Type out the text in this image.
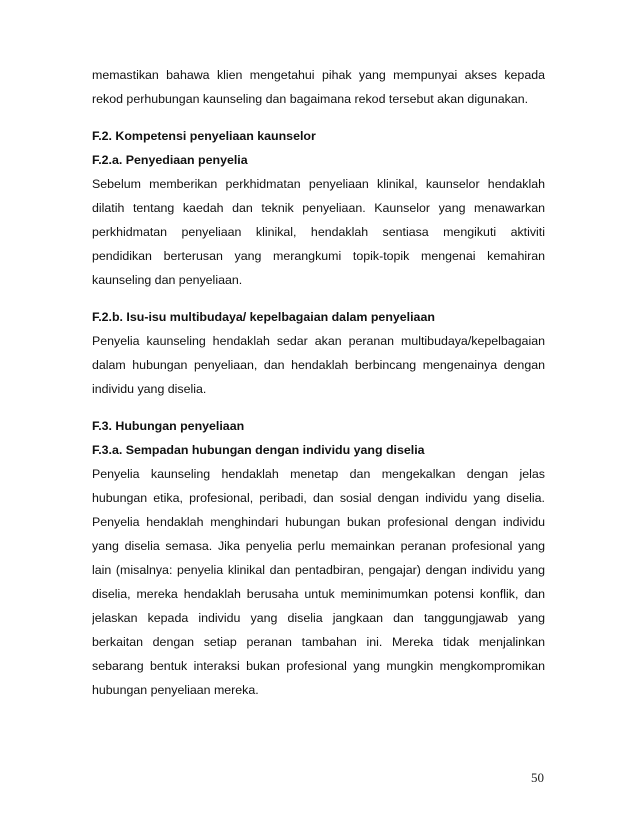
memastikan bahawa klien mengetahui pihak yang mempunyai akses kepada
rekod perhubungan kaunseling dan bagaimana rekod tersebut akan digunakan.
F.2. Kompetensi penyeliaan kaunselor
F.2.a. Penyediaan penyelia
Sebelum memberikan perkhidmatan penyeliaan klinikal, kaunselor hendaklah
dilatih tentang kaedah dan teknik penyeliaan. Kaunselor yang menawarkan
perkhidmatan penyeliaan klinikal, hendaklah sentiasa mengikuti aktiviti
pendidikan berterusan yang merangkumi topik-topik mengenai kemahiran
kaunseling dan penyeliaan.
F.2.b. Isu-isu multibudaya/ kepelbagaian dalam penyeliaan
Penyelia kaunseling hendaklah sedar akan peranan multibudaya/kepelbagaian
dalam hubungan penyeliaan, dan hendaklah berbincang mengenainya dengan
individu yang diselia.
F.3. Hubungan penyeliaan
F.3.a. Sempadan hubungan dengan individu yang diselia
Penyelia kaunseling hendaklah menetap dan mengekalkan dengan jelas
hubungan etika, profesional, peribadi, dan sosial dengan individu yang diselia.
Penyelia hendaklah menghindari hubungan bukan profesional dengan individu
yang diselia semasa. Jika penyelia perlu memainkan peranan profesional yang
lain (misalnya: penyelia klinikal dan pentadbiran, pengajar) dengan individu yang
diselia, mereka hendaklah berusaha untuk meminimumkan potensi konflik, dan
jelaskan kepada individu yang diselia jangkaan dan tanggungjawab yang
berkaitan dengan setiap peranan tambahan ini. Mereka tidak menjalinkan
sebarang bentuk interaksi bukan profesional yang mungkin mengkompromikan
hubungan penyeliaan mereka.
50
